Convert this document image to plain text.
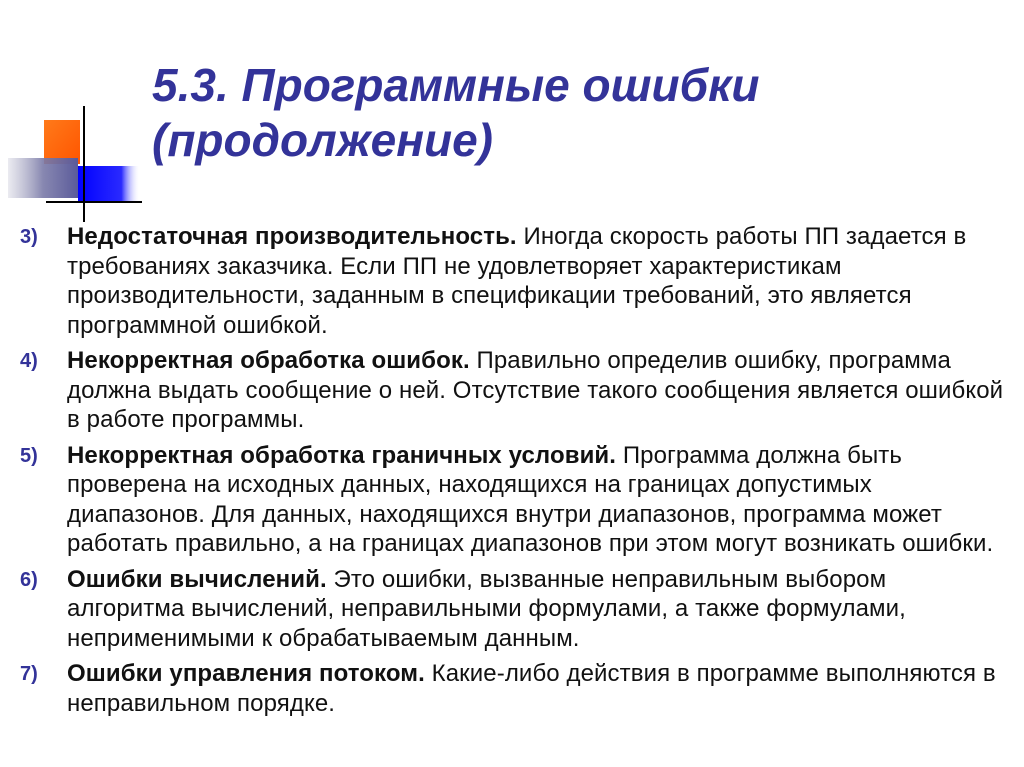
5.3. Программные ошибки
(продолжение)
3)	Недостаточная производительность. Иногда скорость работы ПП задается в требованиях заказчика. Если ПП не удовлетворяет характеристикам производительности, заданным в спецификации требований, это является программной ошибкой.
4)	Некорректная обработка ошибок. Правильно определив ошибку, программа должна выдать сообщение о ней. Отсутствие такого сообщения является ошибкой в работе программы.
5)	Некорректная обработка граничных условий. Программа должна быть проверена на исходных данных, находящихся на границах допустимых диапазонов. Для данных, находящихся внутри диапазонов, программа может работать правильно, а на границах диапазонов при этом могут возникать ошибки.
6)	Ошибки вычислений. Это ошибки, вызванные неправильным выбором алгоритма вычислений, неправильными формулами, а также формулами, неприменимыми к обрабатываемым данным.
7)	Ошибки управления потоком. Какие-либо действия в программе выполняются в неправильном порядке.
